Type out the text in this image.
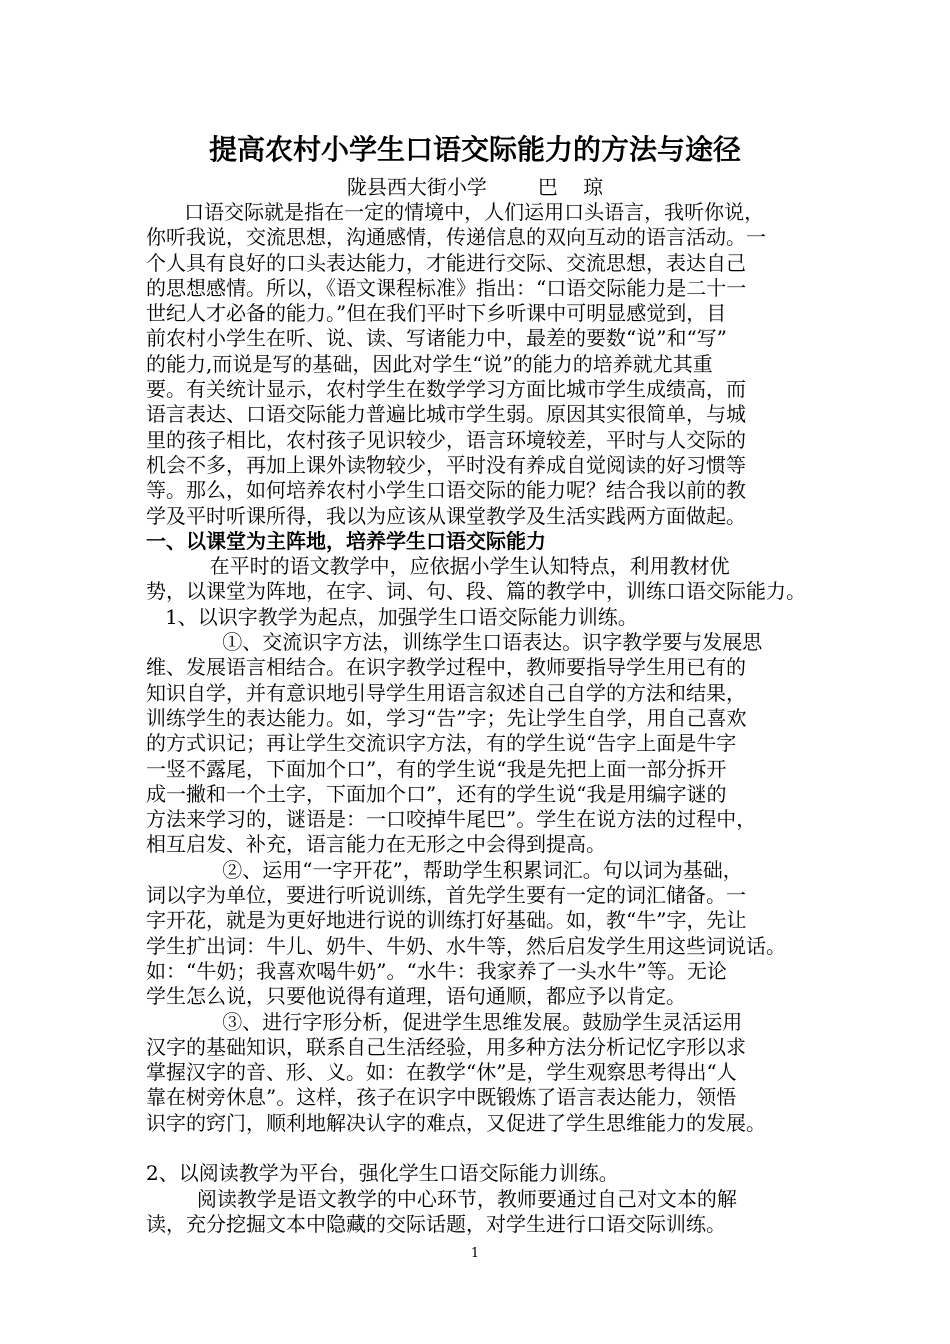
提高农村小学生口语交际能力的方法与途径
陇县西大街小学        巴    琼
口语交际就是指在一定的情境中，人们运用口头语言，我听你说，
你听我说，交流思想，沟通感情，传递信息的双向互动的语言活动。一
个人具有良好的口头表达能力，才能进行交际、交流思想，表达自己
的思想感情。所以，《语文课程标准》指出：“口语交际能力是二十一
世纪人才必备的能力。”但在我们平时下乡听课中可明显感觉到，目
前农村小学生在听、说、读、写诸能力中，最差的要数“说”和“写”
的能力,而说是写的基础，因此对学生“说”的能力的培养就尤其重
要。有关统计显示，农村学生在数学学习方面比城市学生成绩高，而
语言表达、口语交际能力普遍比城市学生弱。原因其实很简单，与城
里的孩子相比，农村孩子见识较少，语言环境较差，平时与人交际的
机会不多，再加上课外读物较少，平时没有养成自觉阅读的好习惯等
等。那么，如何培养农村小学生口语交际的能力呢？结合我以前的教
学及平时听课所得，我以为应该从课堂教学及生活实践两方面做起。
一、以课堂为主阵地，培养学生口语交际能力
在平时的语文教学中，应依据小学生认知特点，利用教材优
势，以课堂为阵地，在字、词、句、段、篇的教学中，训练口语交际能力。
1、以识字教学为起点，加强学生口语交际能力训练。
①、交流识字方法，训练学生口语表达。识字教学要与发展思
维、发展语言相结合。在识字教学过程中，教师要指导学生用已有的
知识自学，并有意识地引导学生用语言叙述自己自学的方法和结果，
训练学生的表达能力。如，学习“告”字；先让学生自学，用自己喜欢
的方式识记；再让学生交流识字方法，有的学生说“告字上面是牛字
一竖不露尾，下面加个口”，有的学生说“我是先把上面一部分拆开
成一撇和一个土字，下面加个口”，还有的学生说“我是用编字谜的
方法来学习的，谜语是：一口咬掉牛尾巴”。学生在说方法的过程中，
相互启发、补充，语言能力在无形之中会得到提高。
②、运用“一字开花”，帮助学生积累词汇。句以词为基础，
词以字为单位，要进行听说训练，首先学生要有一定的词汇储备。一
字开花，就是为更好地进行说的训练打好基础。如，教“牛”字，先让
学生扩出词：牛儿、奶牛、牛奶、水牛等，然后启发学生用这些词说话。
如：“牛奶；我喜欢喝牛奶”。“水牛：我家养了一头水牛”等。无论
学生怎么说，只要他说得有道理，语句通顺，都应予以肯定。
③、进行字形分析，促进学生思维发展。鼓励学生灵活运用
汉字的基础知识，联系自己生活经验，用多种方法分析记忆字形以求
掌握汉字的音、形、义。如：在教学“休”是，学生观察思考得出“人
靠在树旁休息”。这样，孩子在识字中既锻炼了语言表达能力，领悟
识字的窍门，顺利地解决认字的难点，又促进了学生思维能力的发展。
2、以阅读教学为平台，强化学生口语交际能力训练。
阅读教学是语文教学的中心环节，教师要通过自己对文本的解
读，充分挖掘文本中隐藏的交际话题，对学生进行口语交际训练。
1
